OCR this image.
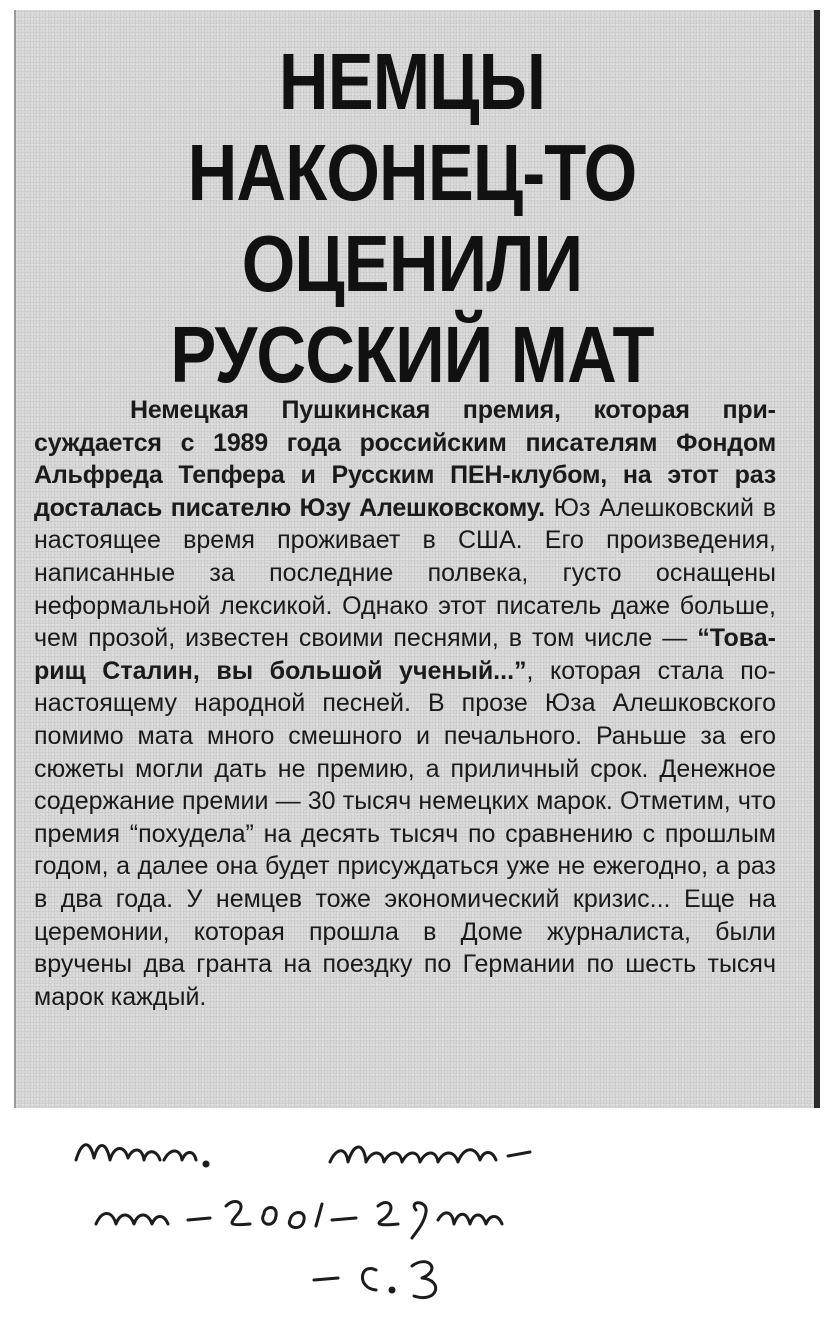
НЕМЦЫ
НАКОНЕЦ-ТО
ОЦЕНИЛИ
РУССКИЙ МАТ

Немецкая Пушкинская премия, которая присуждается с 1989 года российским писателям Фондом Альфреда Тепфера и Русским ПЕН-клубом, на этот раз досталась писателю Юзу Алешковскому. Юз Алешковский в настоящее время проживает в США. Его произведения, написанные за последние полвека, густо оснащены неформальной лексикой. Однако этот писатель даже больше, чем прозой, известен своими песнями, в том числе — “Товарищ Сталин, вы большой ученый...”, которая стала по-настоящему народной песней. В прозе Юза Алешковского помимо мата много смешного и печального. Раньше за его сюжеты могли дать не премию, а приличный срок. Денежное содержание премии — 30 тысяч немецких марок. Отметим, что премия “похудела” на десять тысяч по сравнению с прошлым годом, а далее она будет присуждаться уже не ежегодно, а раз в два года. У немцев тоже экономический кризис... Еще на церемонии, которая прошла в Доме журналиста, были вручены два гранта на поездку по Германии по шесть тысяч марок каждый.
